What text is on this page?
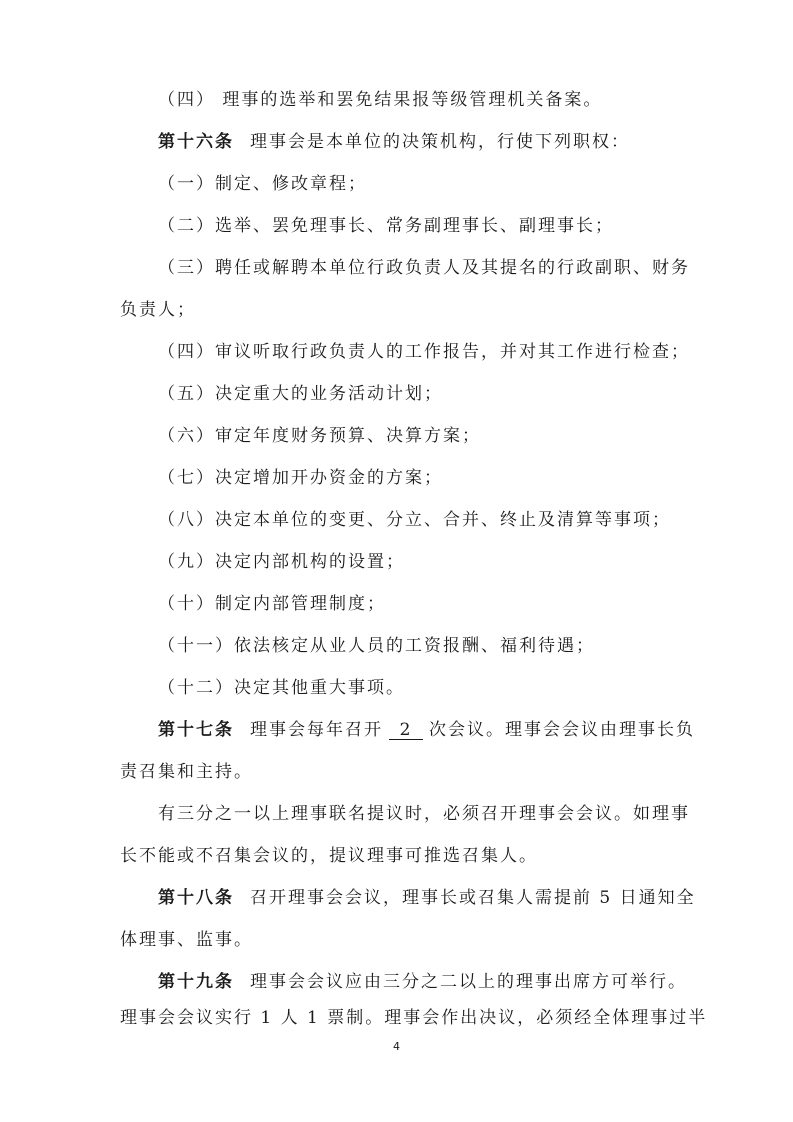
（四） 理事的选举和罢免结果报等级管理机关备案。
第十六条 理事会是本单位的决策机构，行使下列职权：
（一）制定、修改章程；
（二）选举、罢免理事长、常务副理事长、副理事长；
（三）聘任或解聘本单位行政负责人及其提名的行政副职、财务
负责人；
（四）审议听取行政负责人的工作报告，并对其工作进行检查；
（五）决定重大的业务活动计划；
（六）审定年度财务预算、决算方案；
（七）决定增加开办资金的方案；
（八）决定本单位的变更、分立、合并、终止及清算等事项；
（九）决定内部机构的设置；
（十）制定内部管理制度；
（十一）依法核定从业人员的工资报酬、福利待遇；
（十二）决定其他重大事项。
第十七条 理事会每年召开 2 次会议。理事会会议由理事长负
责召集和主持。
有三分之一以上理事联名提议时，必须召开理事会会议。如理事
长不能或不召集会议的，提议理事可推选召集人。
第十八条 召开理事会会议，理事长或召集人需提前 5 日通知全
体理事、监事。
第十九条 理事会会议应由三分之二以上的理事出席方可举行。
理事会会议实行 1 人 1 票制。理事会作出决议，必须经全体理事过半
4
